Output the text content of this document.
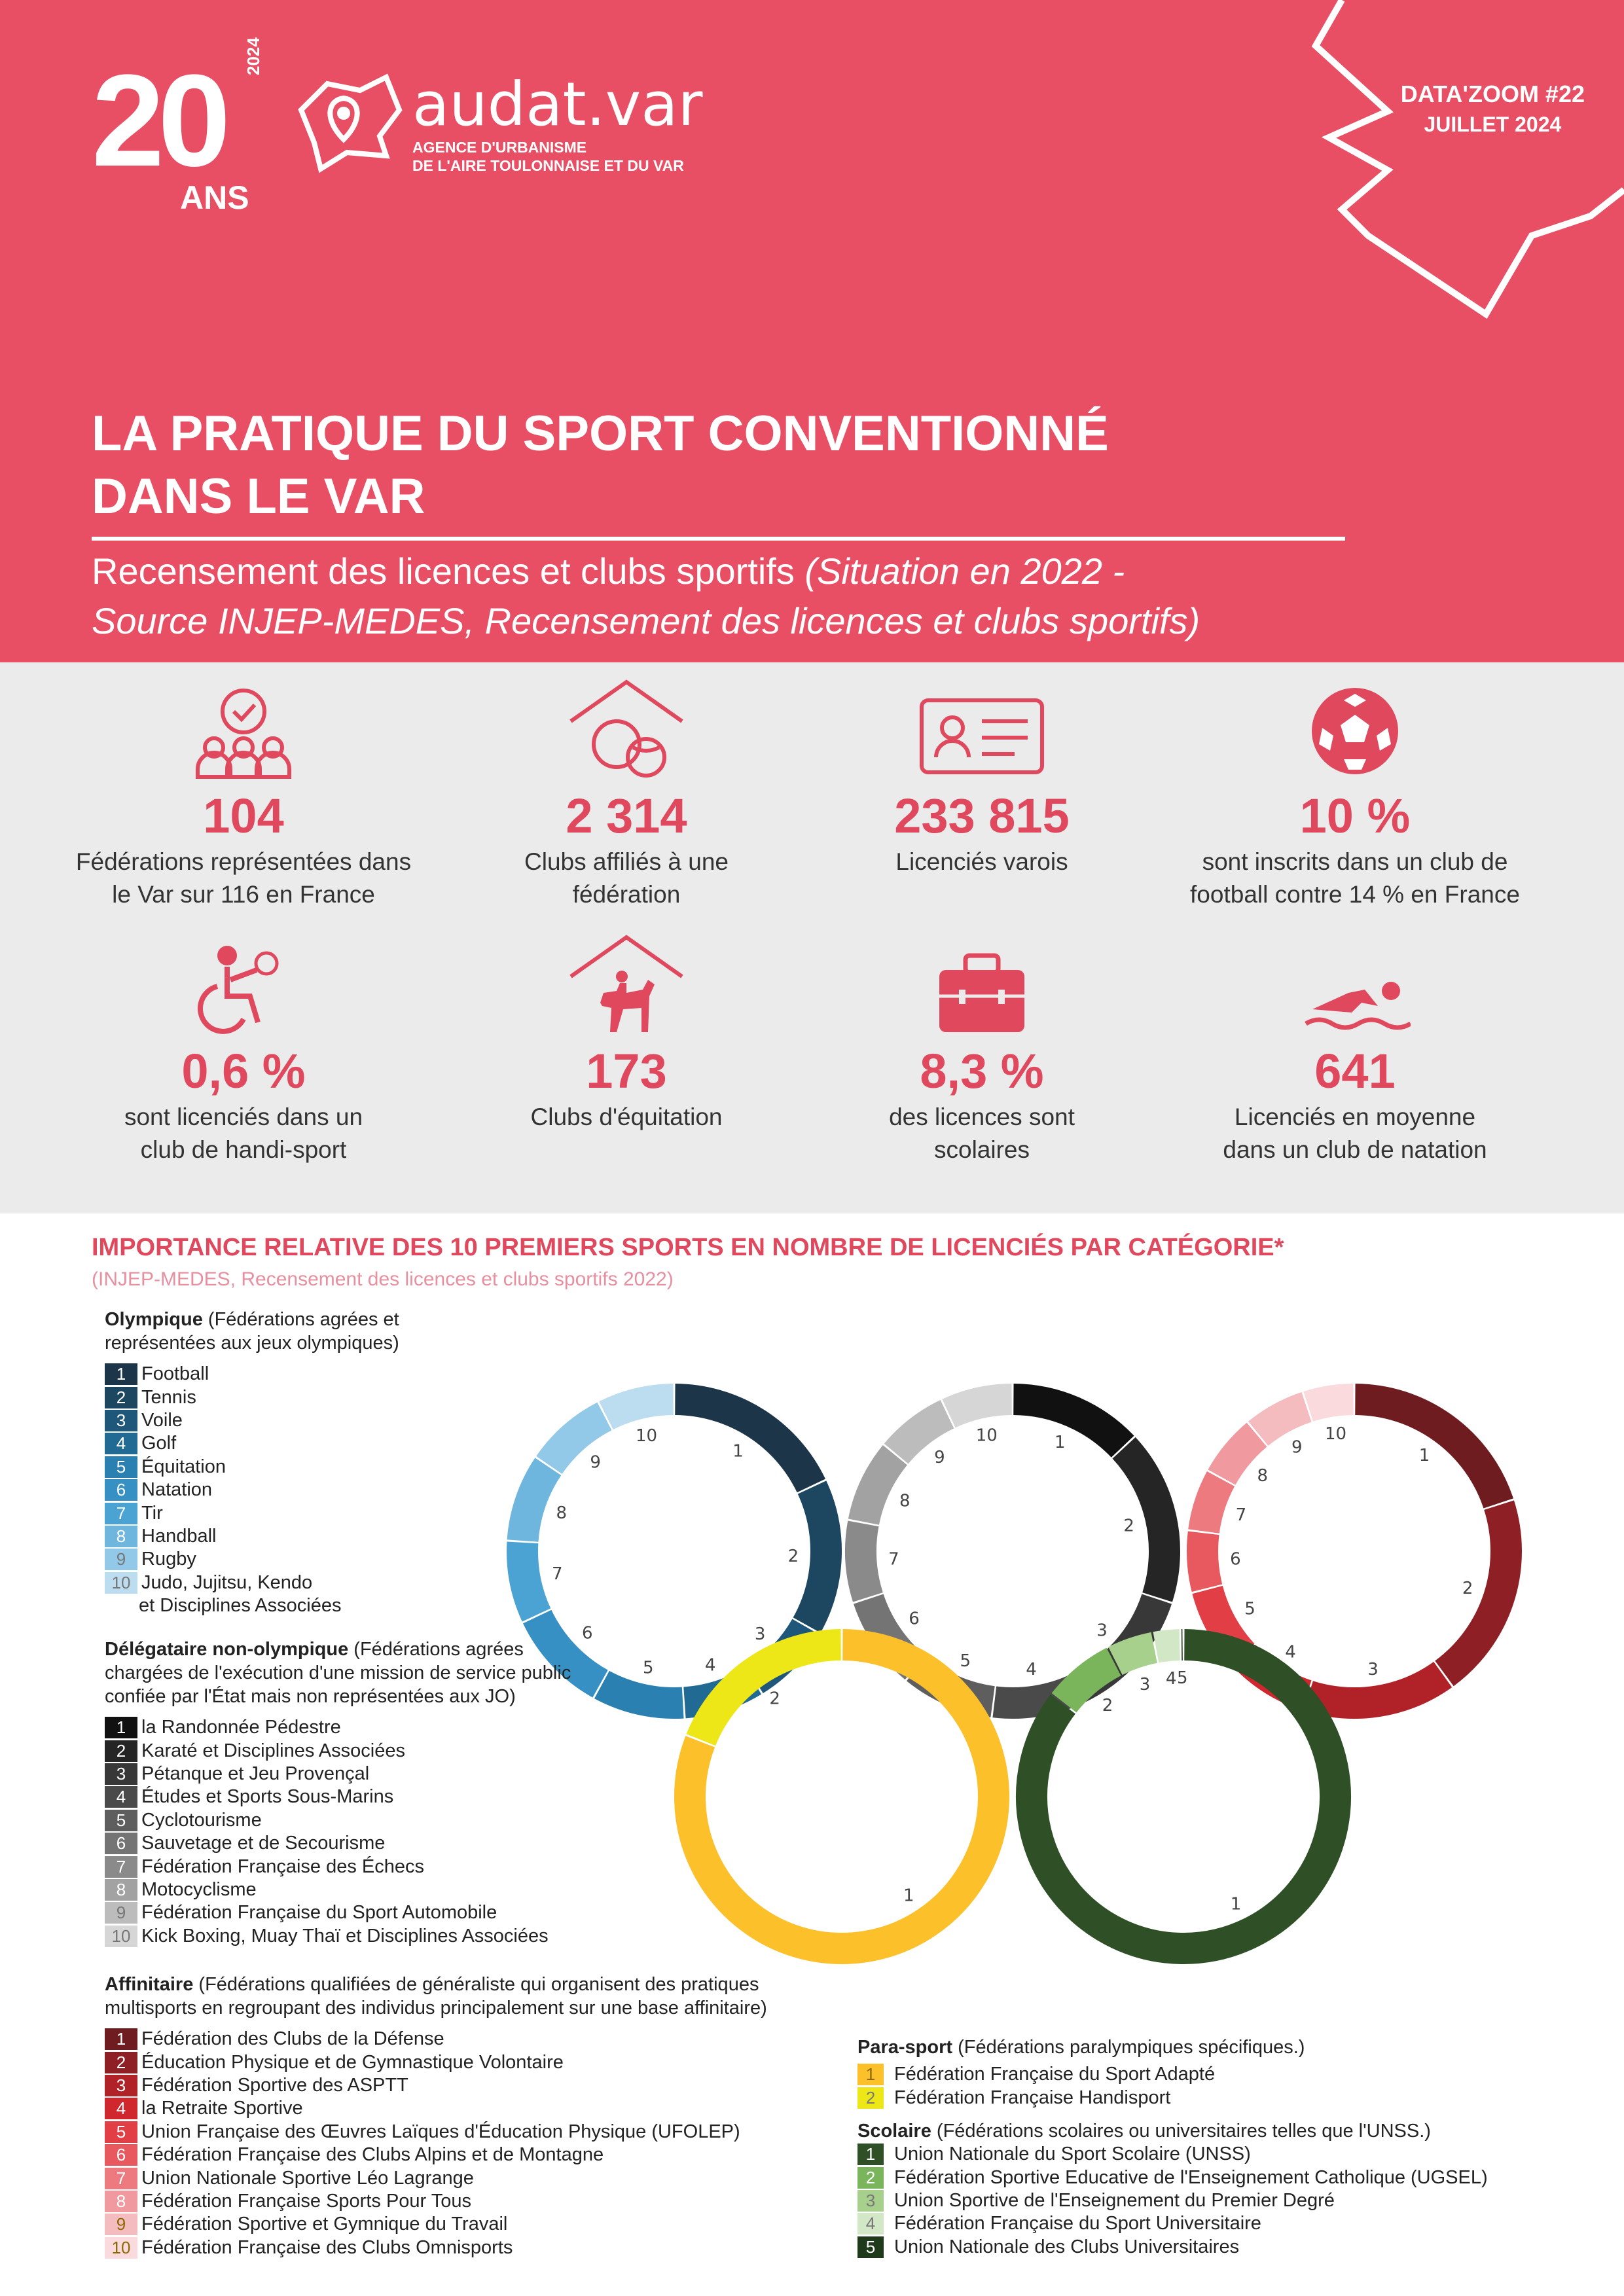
20
ANS
2024
audat.var
AGENCE D'URBANISME
DE L'AIRE TOULONNAISE ET DU VAR
DATA'ZOOM #22
JUILLET 2024
LA PRATIQUE DU SPORT CONVENTIONNÉ
DANS LE VAR
Recensement des licences et clubs sportifs (Situation en 2022 -
Source INJEP-MEDES, Recensement des licences et clubs sportifs)
104
Fédérations représentées dans
le Var sur 116 en France
2 314
Clubs affiliés à une
fédération
233 815
Licenciés varois
10 %
sont inscrits dans un club de
football contre 14 % en France
0,6 %
sont licenciés dans un
club de handi-sport
173
Clubs d'équitation
8,3 %
des licences sont
scolaires
641
Licenciés en moyenne
dans un club de natation
IMPORTANCE RELATIVE DES 10 PREMIERS SPORTS EN NOMBRE DE LICENCIÉS PAR CATÉGORIE*
(INJEP-MEDES, Recensement des licences et clubs sportifs 2022)
1
2
3
4
5
6
7
8
9
10	1
2
3
4
5
6
7
8
9
10
1
2
3
4
5
6
7
8
9
10
1
2
1
2
3 4 5
Olympique (Fédérations agrées et
représentées aux jeux olympiques)
1 Football
2 Tennis
3 Voile
4 Golf
5 Équitation
6 Natation
7 Tir
8 Handball
9 Rugby
10 Judo, Jujitsu, Kendo
et Disciplines Associées
Délégataire non-olympique (Fédérations agrées
chargées de l'exécution d'une mission de service public
confiée par l'État mais non représentées aux JO)
1 la Randonnée Pédestre
2 Karaté et Disciplines Associées
3 Pétanque et Jeu Provençal
4 Études et Sports Sous-Marins
5 Cyclotourisme
6 Sauvetage et de Secourisme
7 Fédération Française des Échecs
8 Motocyclisme
9 Fédération Française du Sport Automobile
10 Kick Boxing, Muay Thaï et Disciplines Associées
Affinitaire (Fédérations qualifiées de généraliste qui organisent des pratiques
multisports en regroupant des individus principalement sur une base affinitaire)
1 Fédération des Clubs de la Défense
2 Éducation Physique et de Gymnastique Volontaire
3 Fédération Sportive des ASPTT
4 la Retraite Sportive
5 Union Française des Œuvres Laïques d'Éducation Physique (UFOLEP)
6 Fédération Française des Clubs Alpins et de Montagne
7 Union Nationale Sportive Léo Lagrange
8 Fédération Française Sports Pour Tous
9 Fédération Sportive et Gymnique du Travail
10 Fédération Française des Clubs Omnisports
Para-sport (Fédérations paralympiques spécifiques.)
1 Fédération Française du Sport Adapté
2 Fédération Française Handisport
Scolaire (Fédérations scolaires ou universitaires telles que l'UNSS.)
1 Union Nationale du Sport Scolaire (UNSS)
2 Fédération Sportive Educative de l'Enseignement Catholique (UGSEL)
3 Union Sportive de l'Enseignement du Premier Degré
4 Fédération Française du Sport Universitaire
5 Union Nationale des Clubs Universitaires
